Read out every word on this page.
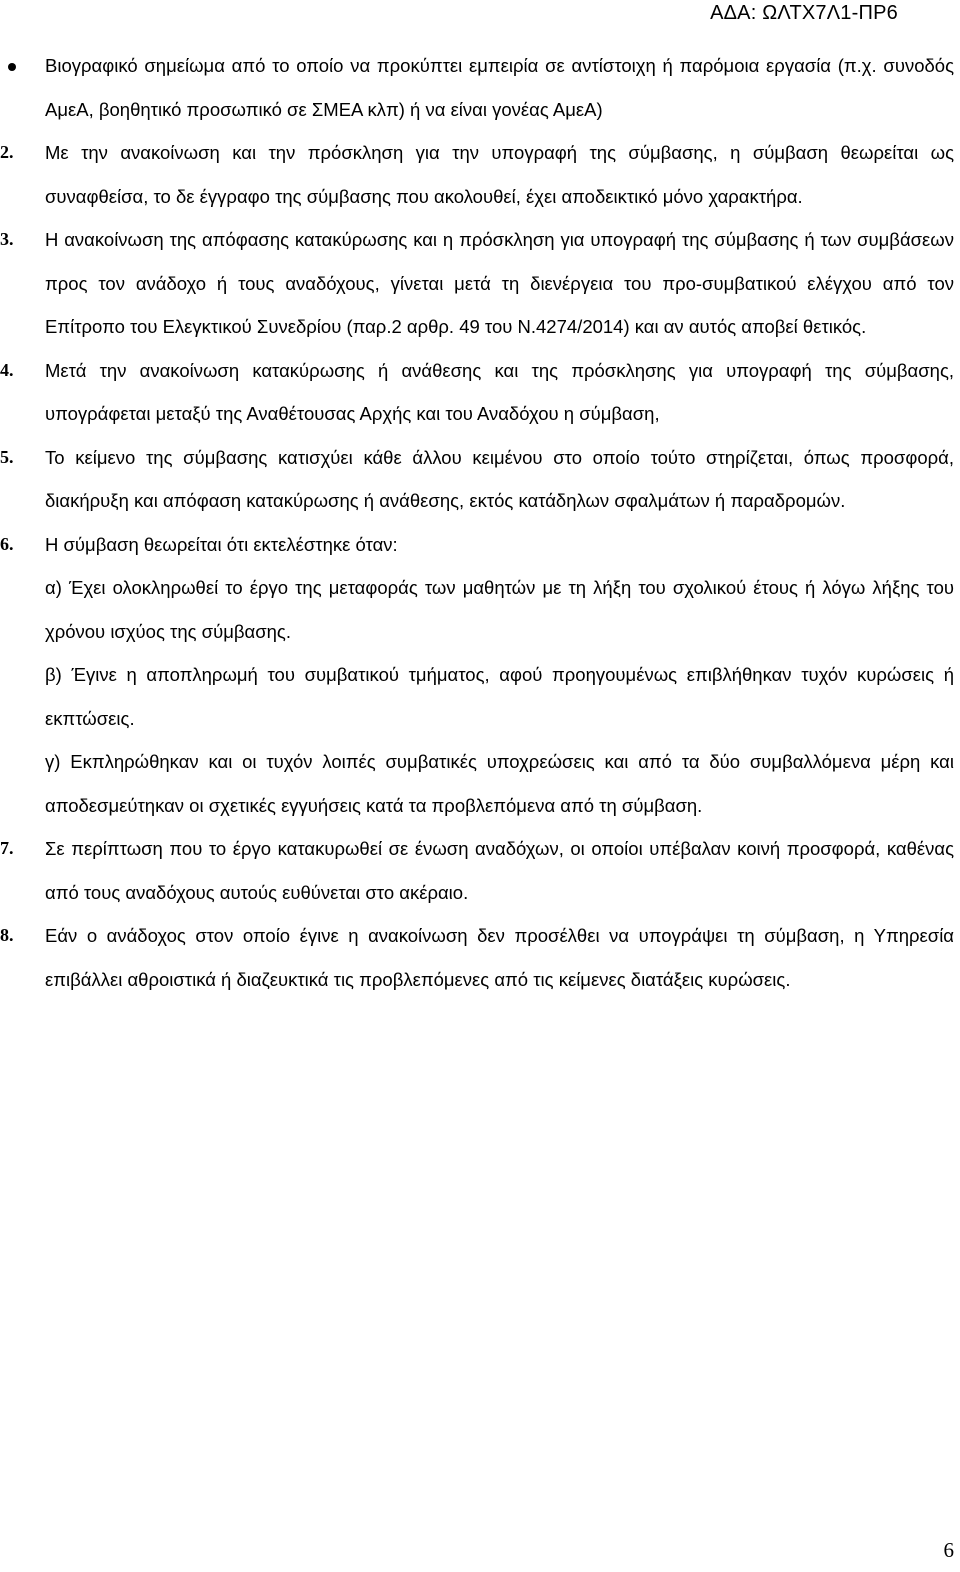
ΑΔΑ: ΩΛΤΧ7Λ1-ΠΡ6
Βιογραφικό σημείωμα από το οποίο να προκύπτει εμπειρία σε αντίστοιχη ή παρόμοια εργασία (π.χ. συνοδός ΑμεΑ, βοηθητικό προσωπικό σε ΣΜΕΑ κλπ) ή να είναι γονέας ΑμεΑ)
2. Με την ανακοίνωση και την πρόσκληση για την υπογραφή της σύμβασης, η σύμβαση θεωρείται ως συναφθείσα, το δε έγγραφο της σύμβασης που ακολουθεί, έχει αποδεικτικό μόνο χαρακτήρα.
3. Η ανακοίνωση της απόφασης κατακύρωσης και η πρόσκληση για υπογραφή της σύμβασης ή των συμβάσεων προς τον ανάδοχο ή τους αναδόχους, γίνεται μετά τη διενέργεια του προ-συμβατικού ελέγχου από τον Επίτροπο του Ελεγκτικού Συνεδρίου (παρ.2 αρθρ. 49 του Ν.4274/2014) και αν αυτός αποβεί θετικός.
4. Μετά την ανακοίνωση κατακύρωσης ή ανάθεσης και της πρόσκλησης για υπογραφή της σύμβασης, υπογράφεται μεταξύ της Αναθέτουσας Αρχής και του Αναδόχου η σύμβαση,
5. Το κείμενο της σύμβασης κατισχύει κάθε άλλου κειμένου στο οποίο τούτο στηρίζεται, όπως προσφορά, διακήρυξη και απόφαση κατακύρωσης ή ανάθεσης, εκτός κατάδηλων σφαλμάτων ή παραδρομών.
6. Η σύμβαση θεωρείται ότι εκτελέστηκε όταν:
α) Έχει ολοκληρωθεί το έργο της μεταφοράς των μαθητών με τη λήξη του σχολικού έτους ή λόγω λήξης του χρόνου ισχύος της σύμβασης.
β) Έγινε η αποπληρωμή του συμβατικού τμήματος, αφού προηγουμένως επιβλήθηκαν τυχόν κυρώσεις ή εκπτώσεις.
γ) Εκπληρώθηκαν και οι τυχόν λοιπές συμβατικές υποχρεώσεις και από τα δύο συμβαλλόμενα μέρη και αποδεσμεύτηκαν οι σχετικές εγγυήσεις κατά τα προβλεπόμενα από τη σύμβαση.
7. Σε περίπτωση που το έργο κατακυρωθεί σε ένωση αναδόχων, οι οποίοι υπέβαλαν κοινή προσφορά, καθένας από τους αναδόχους αυτούς ευθύνεται στο ακέραιο.
8. Εάν ο ανάδοχος στον οποίο έγινε η ανακοίνωση δεν προσέλθει να υπογράψει τη σύμβαση, η Υπηρεσία επιβάλλει αθροιστικά ή διαζευκτικά τις προβλεπόμενες από τις κείμενες διατάξεις κυρώσεις.
6
